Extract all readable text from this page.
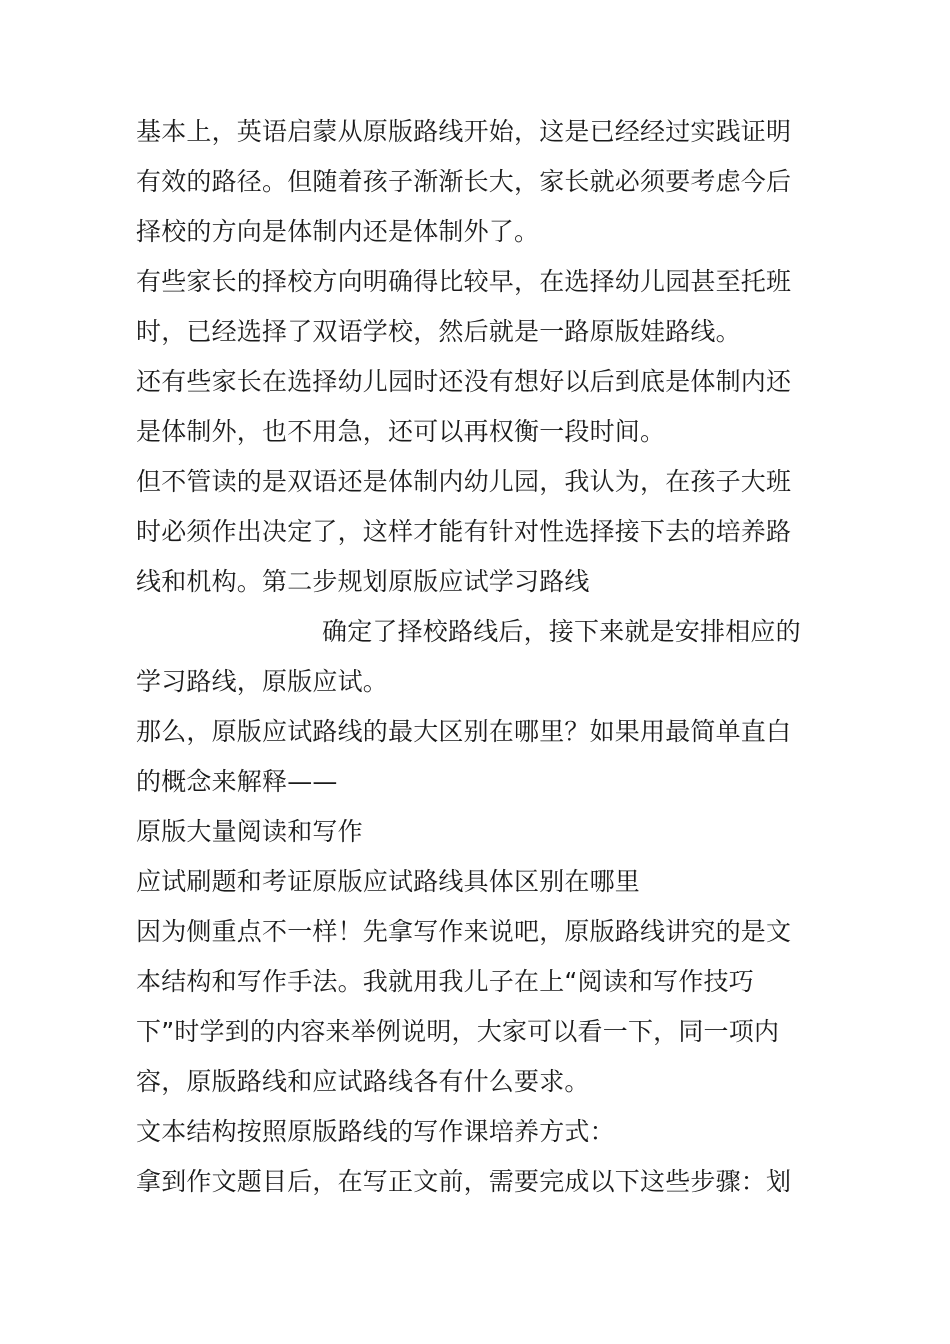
基本上，英语启蒙从原版路线开始，这是已经经过实践证明
有效的路径。但随着孩子渐渐长大，家长就必须要考虑今后
择校的方向是体制内还是体制外了。
有些家长的择校方向明确得比较早，在选择幼儿园甚至托班
时，已经选择了双语学校，然后就是一路原版娃路线。
还有些家长在选择幼儿园时还没有想好以后到底是体制内还
是体制外，也不用急，还可以再权衡一段时间。
但不管读的是双语还是体制内幼儿园，我认为，在孩子大班
时必须作出决定了，这样才能有针对性选择接下去的培养路
线和机构。第二步规划原版应试学习路线
确定了择校路线后，接下来就是安排相应的
学习路线，原版应试。
那么，原版应试路线的最大区别在哪里？如果用最简单直白
的概念来解释——
原版大量阅读和写作
应试刷题和考证原版应试路线具体区别在哪里
因为侧重点不一样！先拿写作来说吧，原版路线讲究的是文
本结构和写作手法。我就用我儿子在上“阅读和写作技巧
下”时学到的内容来举例说明，大家可以看一下，同一项内
容，原版路线和应试路线各有什么要求。
文本结构按照原版路线的写作课培养方式：
拿到作文题目后，在写正文前，需要完成以下这些步骤：划
